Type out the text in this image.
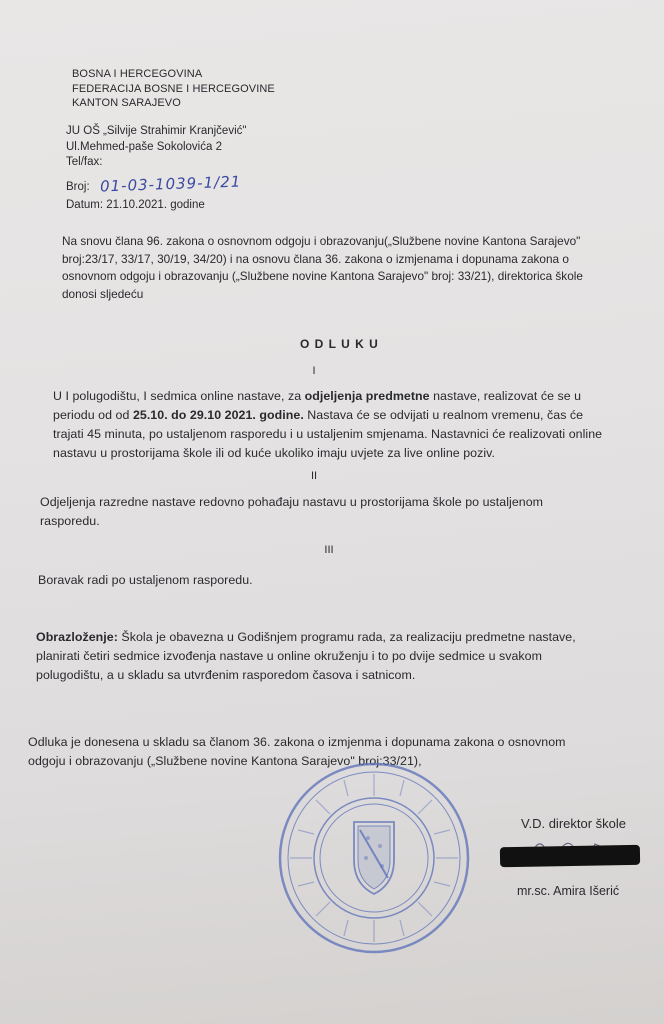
BOSNA I HERCEGOVINA
FEDERACIJA BOSNE I HERCEGOVINE
KANTON SARAJEVO
JU OŠ „Silvije Strahimir Kranjčević"
Ul.Mehmed-paše Sokolovića 2
Tel/fax:
Broj: 01-03-1039-1/21
Datum: 21.10.2021. godine
Na snovu člana 96. zakona o osnovnom odgoju i obrazovanju(„Službene novine Kantona Sarajevo"
broj:23/17, 33/17, 30/19, 34/20) i na osnovu člana 36. zakona o izmjenama i dopunama zakona o
osnovnom odgoju i obrazovanju („Službene novine Kantona Sarajevo" broj: 33/21), direktorica škole
donosi sljedeću
O D L U K U
I
U I polugodištu, I sedmica online nastave, za odjeljenja predmetne nastave, realizovat će se u
periodu od od 25.10. do 29.10 2021. godine. Nastava će se odvijati u realnom vremenu, čas će
trajati 45 minuta, po ustaljenom rasporedu i u ustaljenim smjenama. Nastavnici će realizovati online
nastavu u prostorijama škole ili od kuće ukoliko imaju uvjete za live online poziv.
II
Odjeljenja razredne nastave redovno pohađaju nastavu u prostorijama škole po ustaljenom
rasporedu.
III
Boravak radi po ustaljenom rasporedu.
Obrazloženje: Škola je obavezna u Godišnjem programu rada, za realizaciju predmetne nastave,
planirati četiri sedmice izvođenja nastave u online okruženju i to po dvije sedmice u svakom
polugodištu, a u skladu sa utvrđenim rasporedom časova i satnicom.
Odluka je donesena u skladu sa članom 36. zakona o izmjenma i dopunama zakona o osnovnom
odgoju i obrazovanju („Službene novine Kantona Sarajevo" broj:33/21),
V.D. direktor škole
mr.sc. Amira Išerić
